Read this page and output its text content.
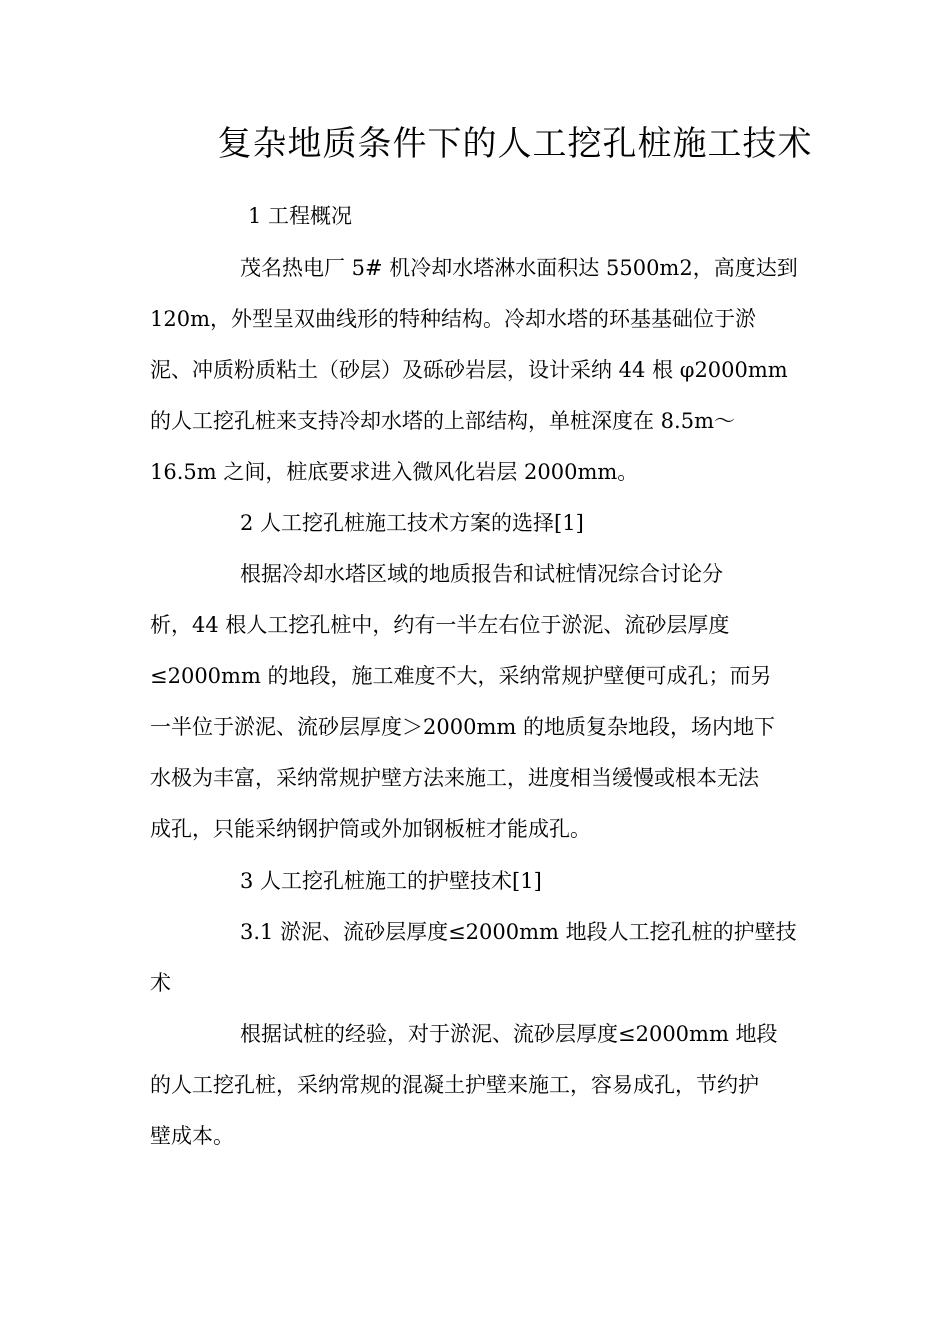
复杂地质条件下的人工挖孔桩施工技术
1 工程概况
茂名热电厂 5# 机冷却水塔淋水面积达 5500m2，高度达到
120m，外型呈双曲线形的特种结构。冷却水塔的环基基础位于淤
泥、冲质粉质粘土（砂层）及砾砂岩层，设计采纳 44 根 φ2000mm
的人工挖孔桩来支持冷却水塔的上部结构，单桩深度在 8.5m～
16.5m 之间，桩底要求进入微风化岩层 2000mm。
2 人工挖孔桩施工技术方案的选择[1]
根据冷却水塔区域的地质报告和试桩情况综合讨论分
析，44 根人工挖孔桩中，约有一半左右位于淤泥、流砂层厚度
≤2000mm 的地段，施工难度不大，采纳常规护壁便可成孔；而另
一半位于淤泥、流砂层厚度＞2000mm 的地质复杂地段，场内地下
水极为丰富，采纳常规护壁方法来施工，进度相当缓慢或根本无法
成孔，只能采纳钢护筒或外加钢板桩才能成孔。
3 人工挖孔桩施工的护壁技术[1]
3.1 淤泥、流砂层厚度≤2000mm 地段人工挖孔桩的护壁技
术
根据试桩的经验，对于淤泥、流砂层厚度≤2000mm 地段
的人工挖孔桩，采纳常规的混凝土护壁来施工，容易成孔，节约护
壁成本。
